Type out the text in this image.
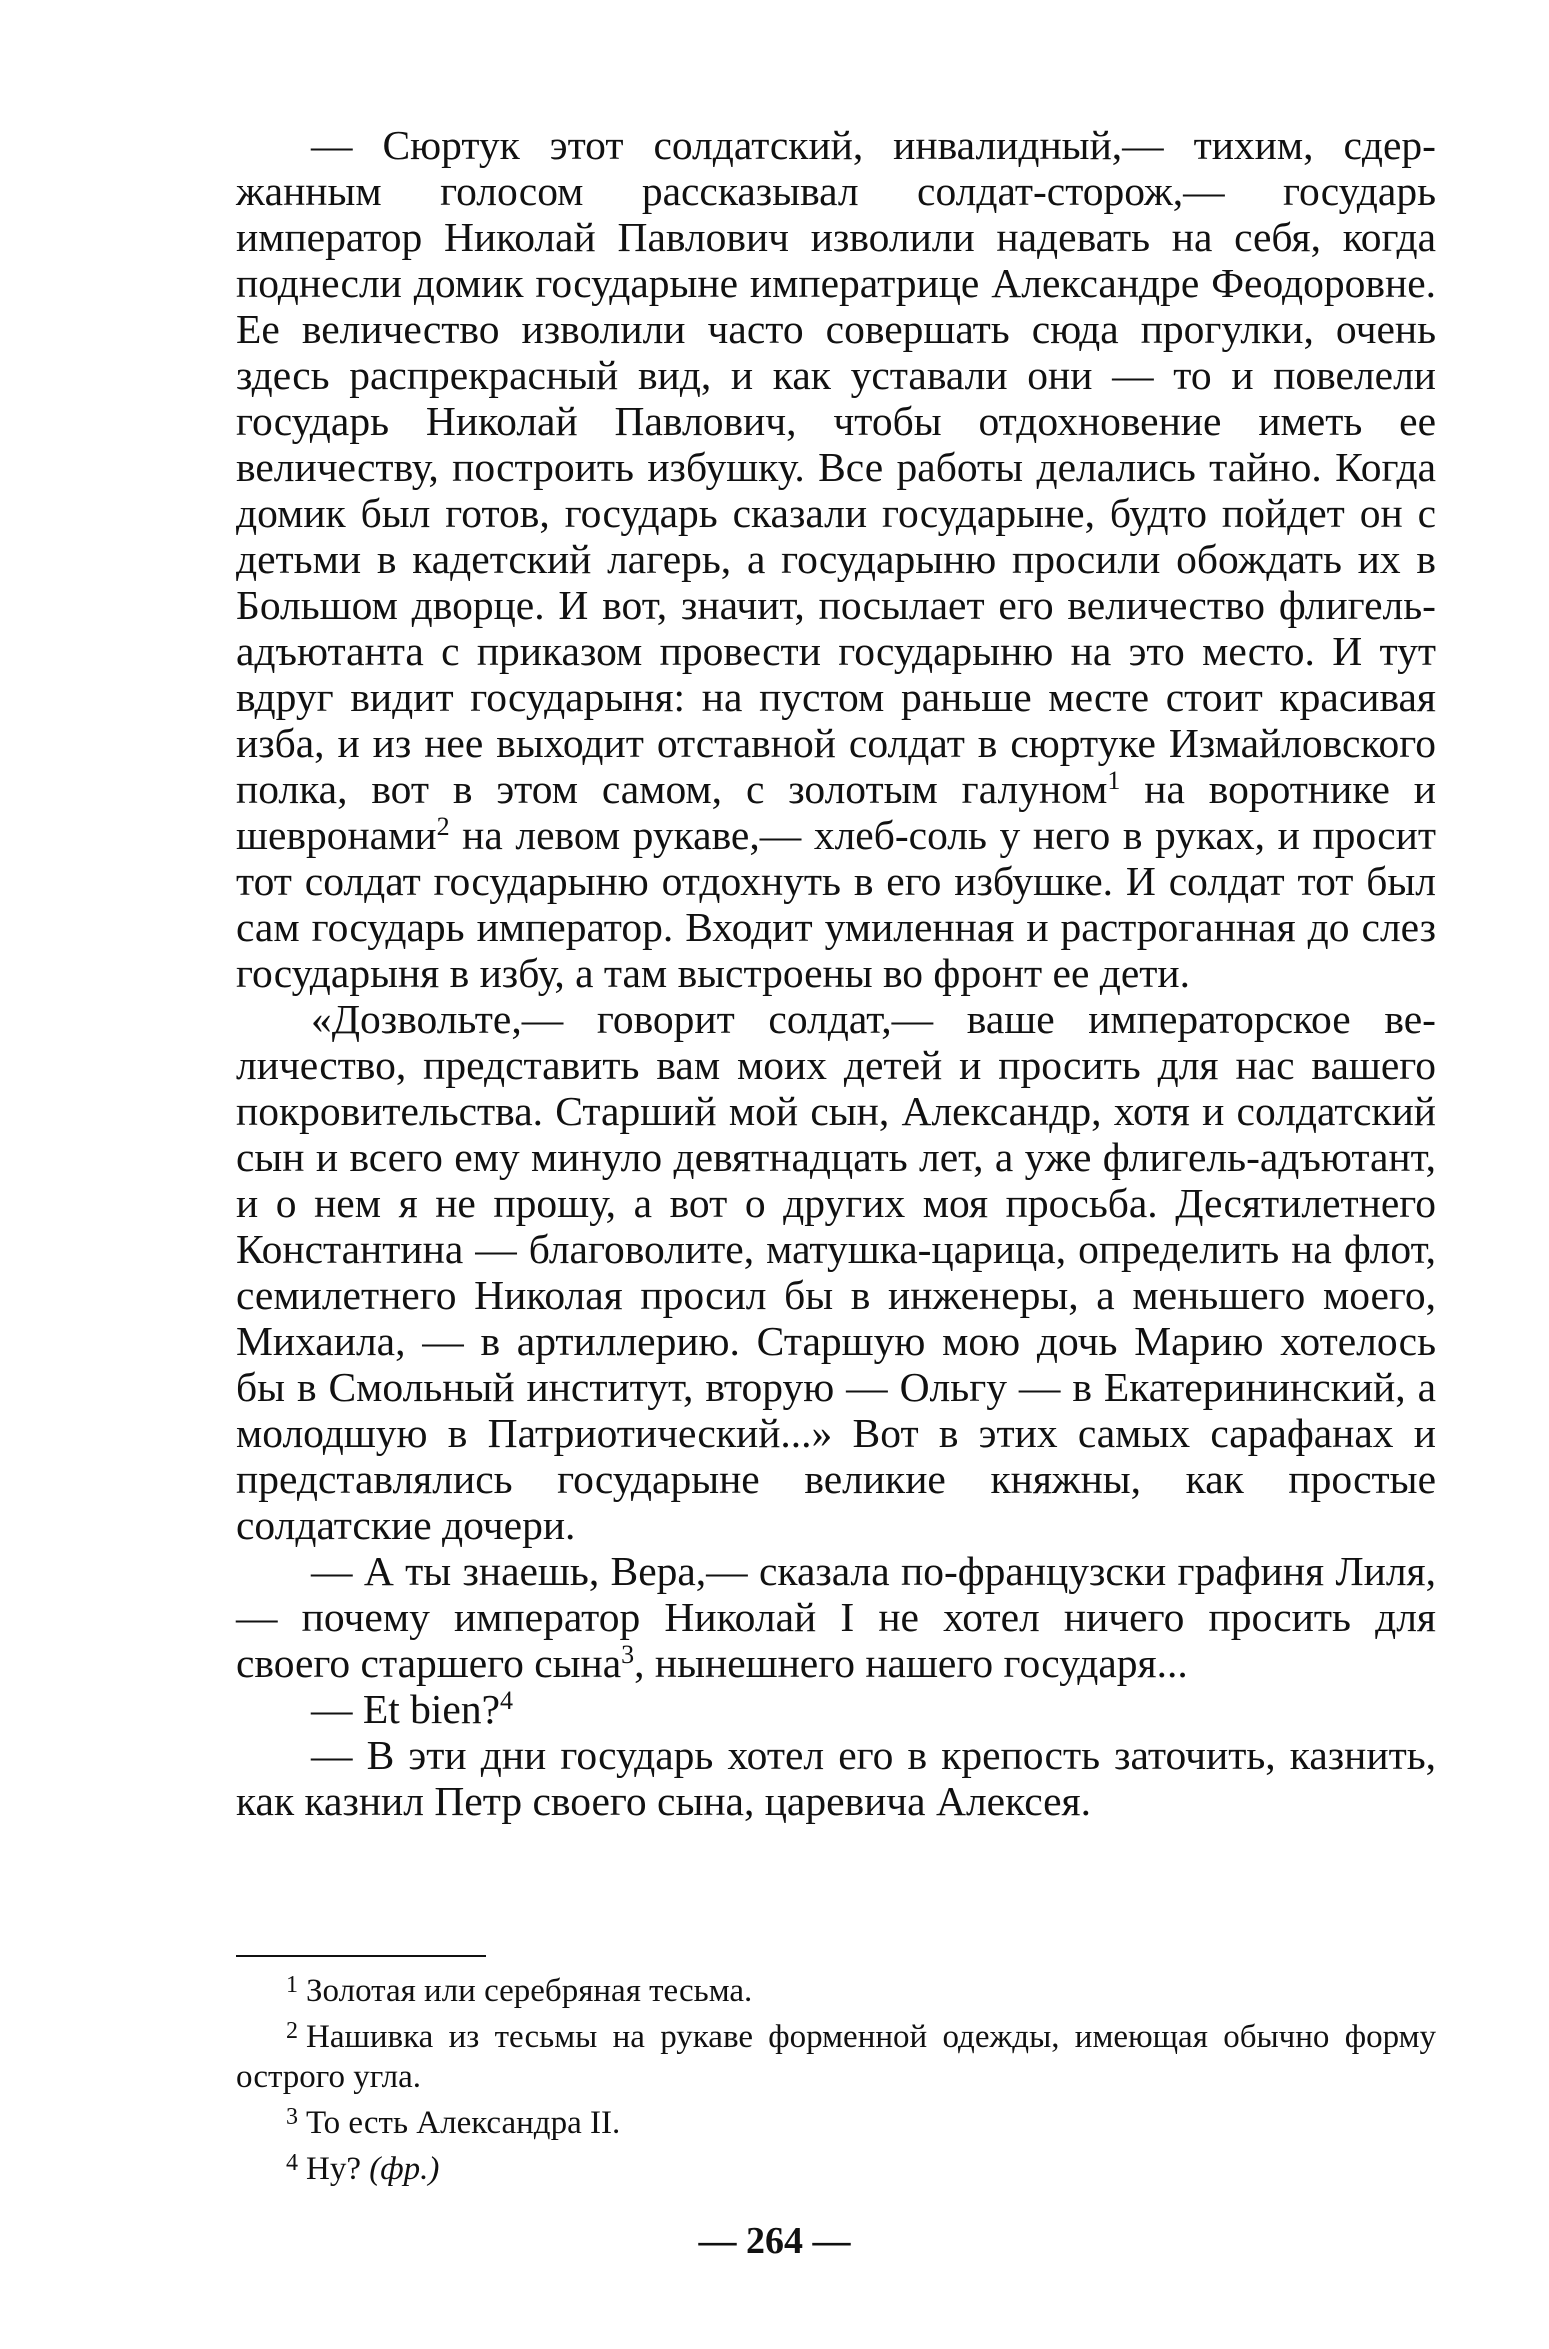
— Сюртук этот солдатский, инвалидный,— тихим, сдержанным голосом рассказывал солдат-сторож,— государь император Николай Павлович изволили надевать на себя, когда поднесли домик государыне императрице Александре Феодоровне. Ее величество изволили часто совершать сюда прогулки, очень здесь распрекрасный вид, и как уставали они — то и повелели государь Николай Павлович, чтобы отдохновение иметь ее величеству, построить избушку. Все работы делались тайно. Когда домик был готов, государь сказали государыне, будто пойдет он с детьми в кадетский лагерь, а государыню просили обождать их в Большом дворце. И вот, значит, посылает его величество флигель-адъютанта с приказом провести государыню на это место. И тут вдруг видит государыня: на пустом раньше месте стоит красивая изба, и из нее выходит отставной солдат в сюртуке Измайловского полка, вот в этом самом, с золотым галуном$^1$ на воротнике и шевронами$^2$ на левом рукаве,— хлеб-соль у него в руках, и просит тот солдат государыню отдохнуть в его избушке. И солдат тот был сам государь император. Входит умиленная и растроганная до слез государыня в избу, а там выстроены во фронт ее дети.

«Дозвольте,— говорит солдат,— ваше императорское величество, представить вам моих детей и просить для нас вашего покровительства. Старший мой сын, Александр, хотя и солдатский сын и всего ему минуло девятнадцать лет, а уже флигель-адъютант, и о нем я не прошу, а вот о других моя просьба. Десятилетнего Константина — благоволите, матушка-царица, определить на флот, семилетнего Николая просил бы в инженеры, а меньшего моего, Михаила, — в артиллерию. Старшую мою дочь Марию хотелось бы в Смольный институт, вторую — Ольгу — в Екатерининский, а молодшую в Патриотический...» Вот в этих самых сарафанах и представлялись государыне великие княжны, как простые солдатские дочери.

— А ты знаешь, Вера,— сказала по-французски графиня Лиля,— почему император Николай I не хотел ничего просить для своего старшего сына$^3$, нынешнего нашего государя...

— Et bien?$^4$

— В эти дни государь хотел его в крепость заточить, казнить, как казнил Петр своего сына, царевича Алексея.

$^1$ Золотая или серебряная тесьма.

$^2$ Нашивка из тесьмы на рукаве форменной одежды, имеющая обычно форму острого угла.

$^3$ То есть Александра II.

$^4$ Ну? (фр.)

— 264 —
